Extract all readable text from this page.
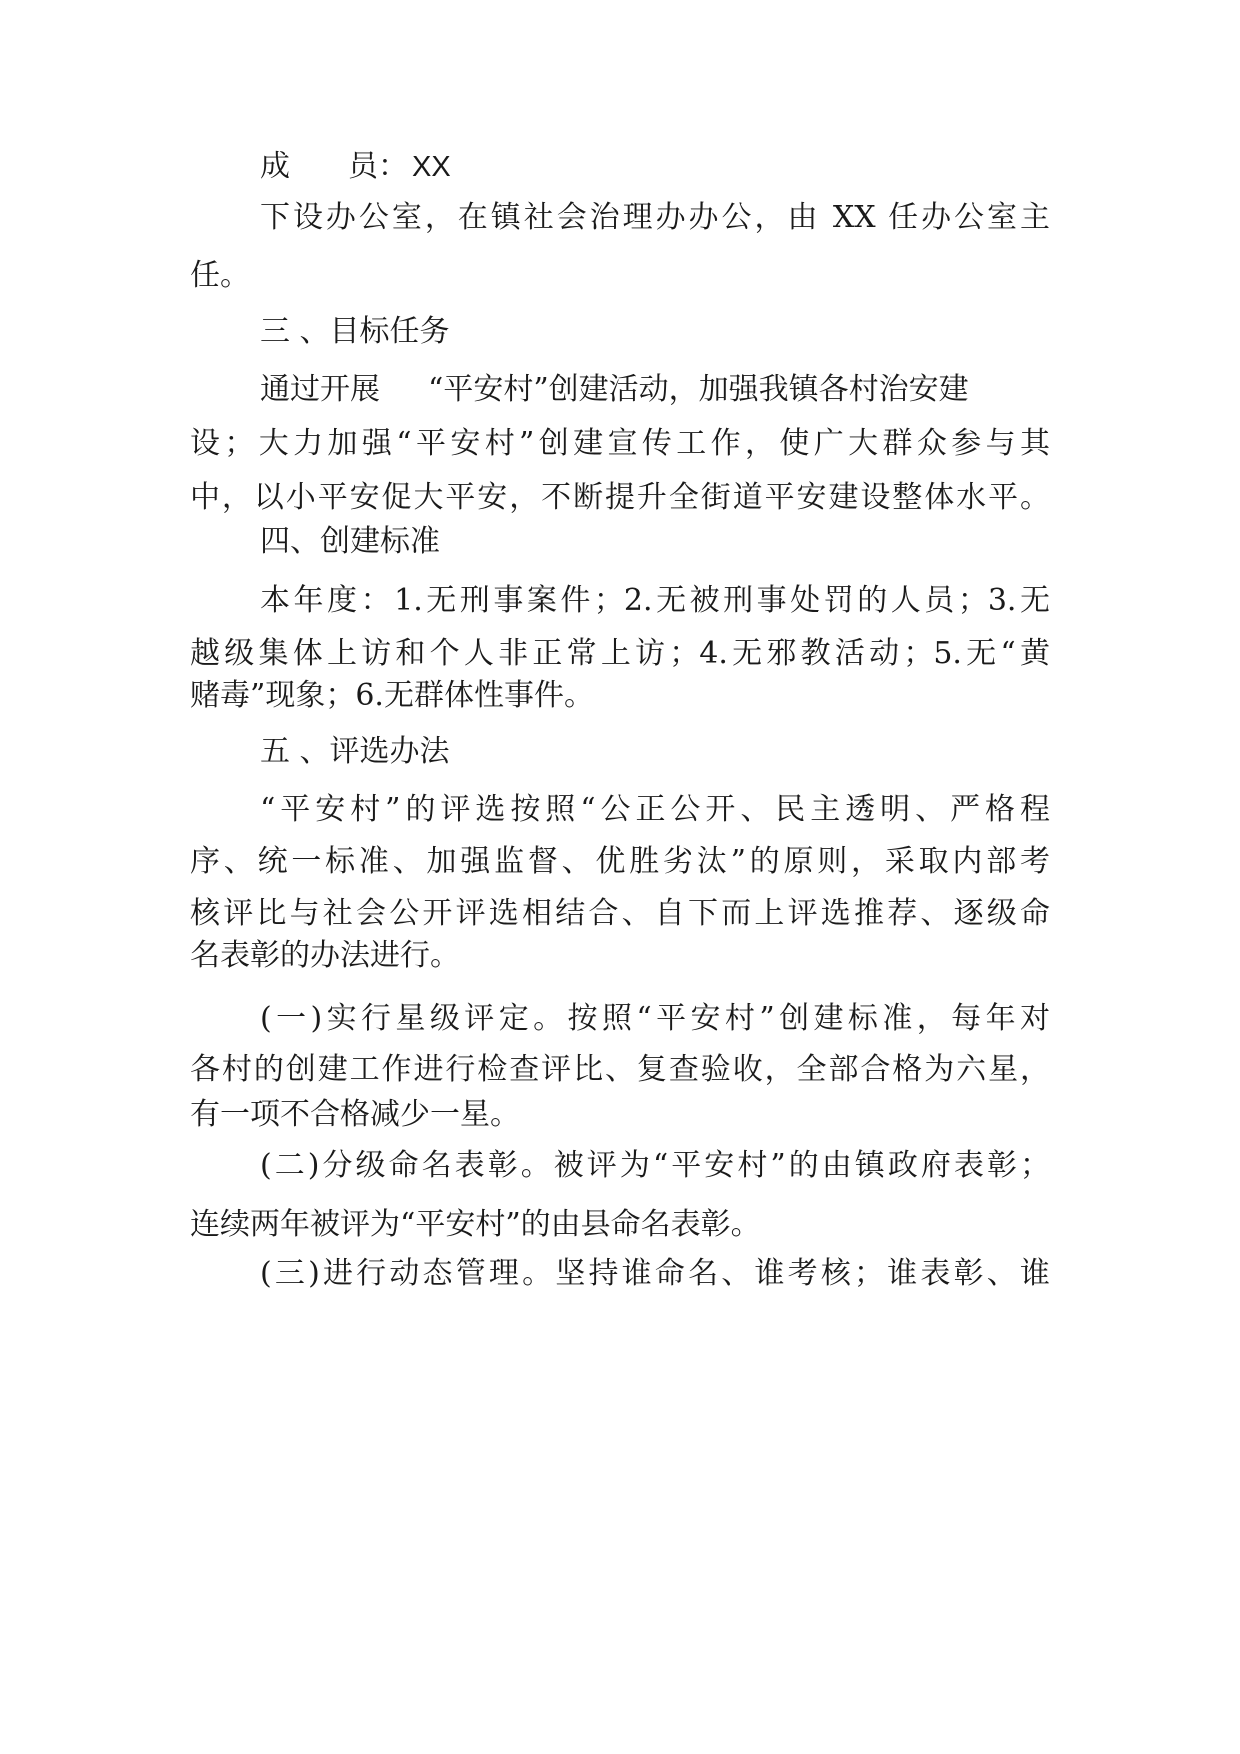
成 员： XX
下设办公室，在镇社会治理办办公，由 XX 任办公室主
任。
三 、目标任务
通过开展 “平安村”创建活动，加强我镇各村治安建
设；大力加强“平安村”创建宣传工作，使广大群众参与其
中，以小平安促大平安，不断提升全街道平安建设整体水平。
四、创建标准
本年度：1.无刑事案件；2.无被刑事处罚的人员；3.无
越级集体上访和个人非正常上访；4.无邪教活动；5.无“黄
赌毒”现象；6.无群体性事件。
五 、评选办法
“平安村”的评选按照“公正公开、民主透明、严格程
序、统一标准、加强监督、优胜劣汰”的原则，采取内部考
核评比与社会公开评选相结合、自下而上评选推荐、逐级命
名表彰的办法进行。
(一)实行星级评定。按照“平安村”创建标准，每年对
各村的创建工作进行检查评比、复查验收，全部合格为六星，
有一项不合格减少一星。
(二)分级命名表彰。被评为“平安村”的由镇政府表彰；
连续两年被评为“平安村”的由县命名表彰。
(三)进行动态管理。坚持谁命名、谁考核；谁表彰、谁
